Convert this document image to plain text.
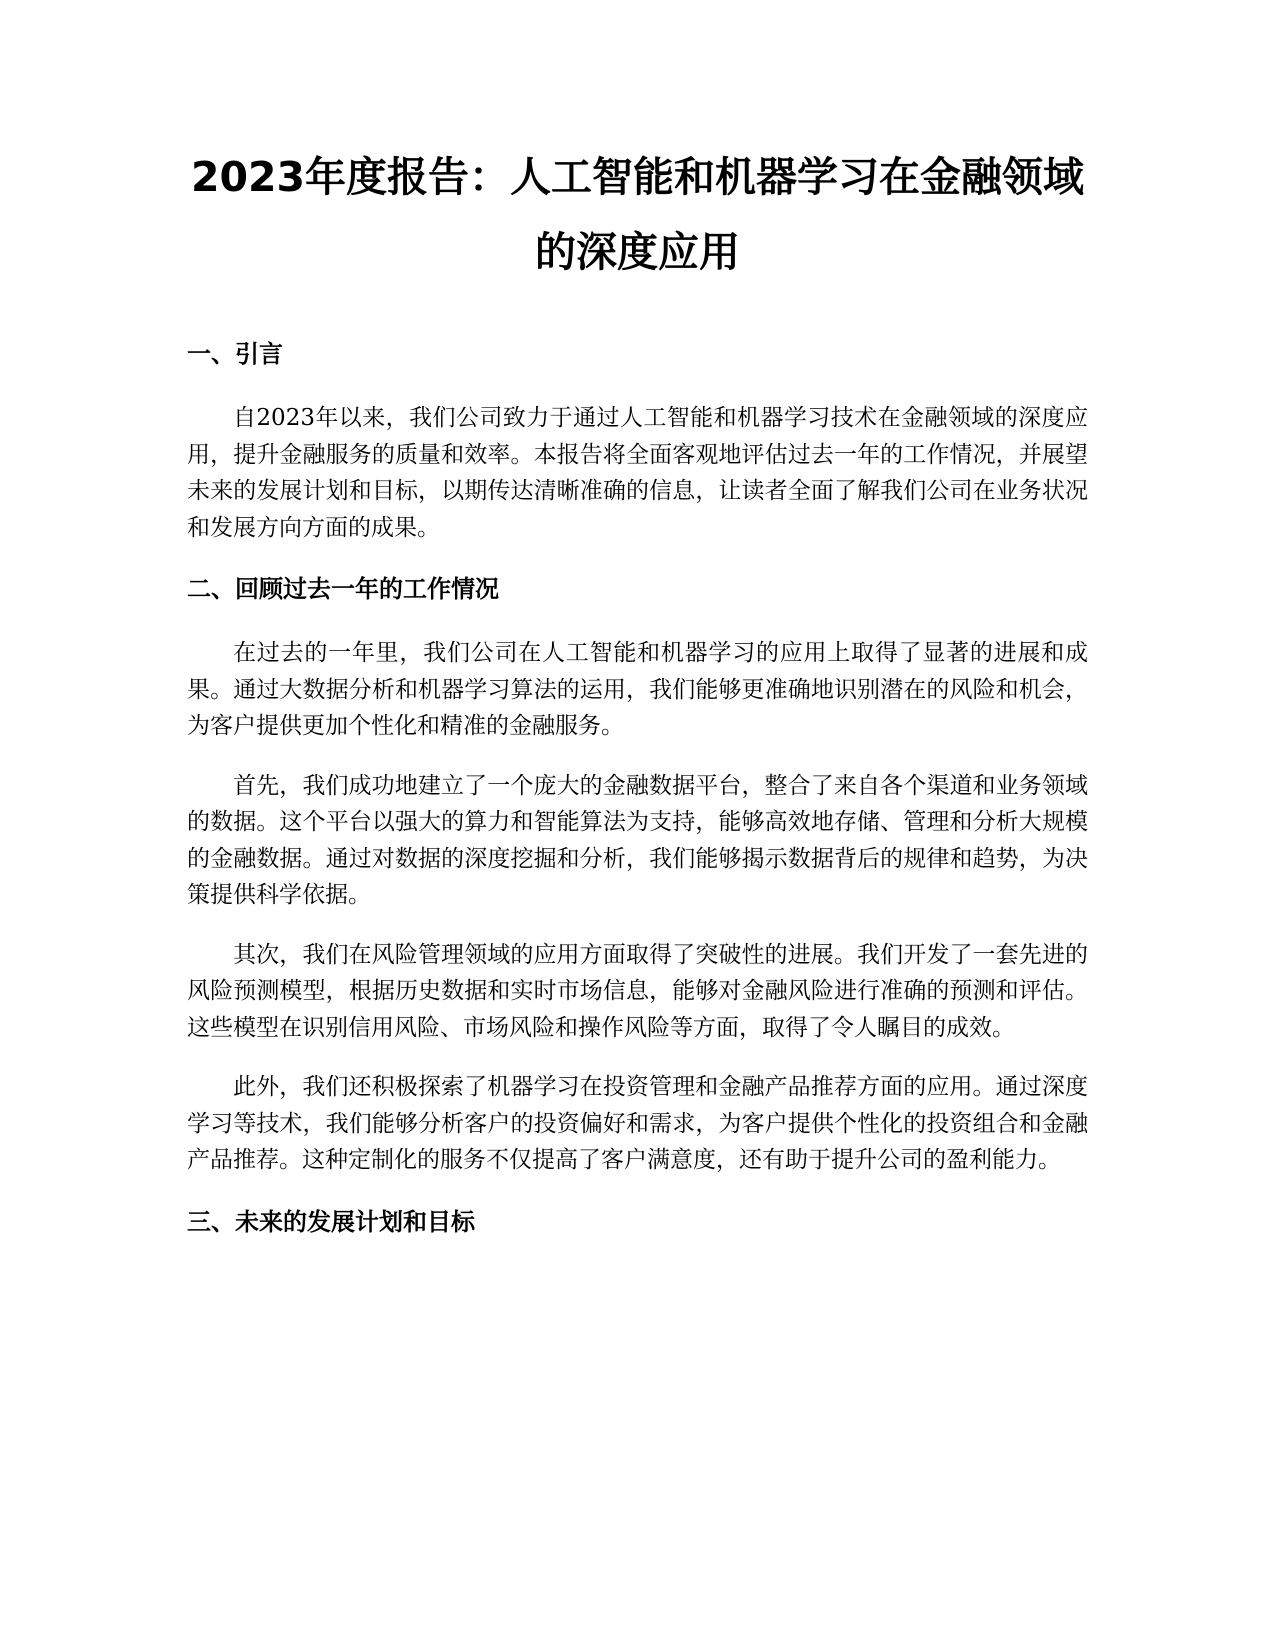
2023年度报告：人工智能和机器学习在金融领域的深度应用
一、引言

自2023年以来，我们公司致力于通过人工智能和机器学习技术在金融领域的深度应用，提升金融服务的质量和效率。本报告将全面客观地评估过去一年的工作情况，并展望未来的发展计划和目标，以期传达清晰准确的信息，让读者全面了解我们公司在业务状况和发展方向方面的成果。

二、回顾过去一年的工作情况

在过去的一年里，我们公司在人工智能和机器学习的应用上取得了显著的进展和成果。通过大数据分析和机器学习算法的运用，我们能够更准确地识别潜在的风险和机会，为客户提供更加个性化和精准的金融服务。

首先，我们成功地建立了一个庞大的金融数据平台，整合了来自各个渠道和业务领域的数据。这个平台以强大的算力和智能算法为支持，能够高效地存储、管理和分析大规模的金融数据。通过对数据的深度挖掘和分析，我们能够揭示数据背后的规律和趋势，为决策提供科学依据。

其次，我们在风险管理领域的应用方面取得了突破性的进展。我们开发了一套先进的风险预测模型，根据历史数据和实时市场信息，能够对金融风险进行准确的预测和评估。这些模型在识别信用风险、市场风险和操作风险等方面，取得了令人瞩目的成效。

此外，我们还积极探索了机器学习在投资管理和金融产品推荐方面的应用。通过深度学习等技术，我们能够分析客户的投资偏好和需求，为客户提供个性化的投资组合和金融产品推荐。这种定制化的服务不仅提高了客户满意度，还有助于提升公司的盈利能力。

三、未来的发展计划和目标
